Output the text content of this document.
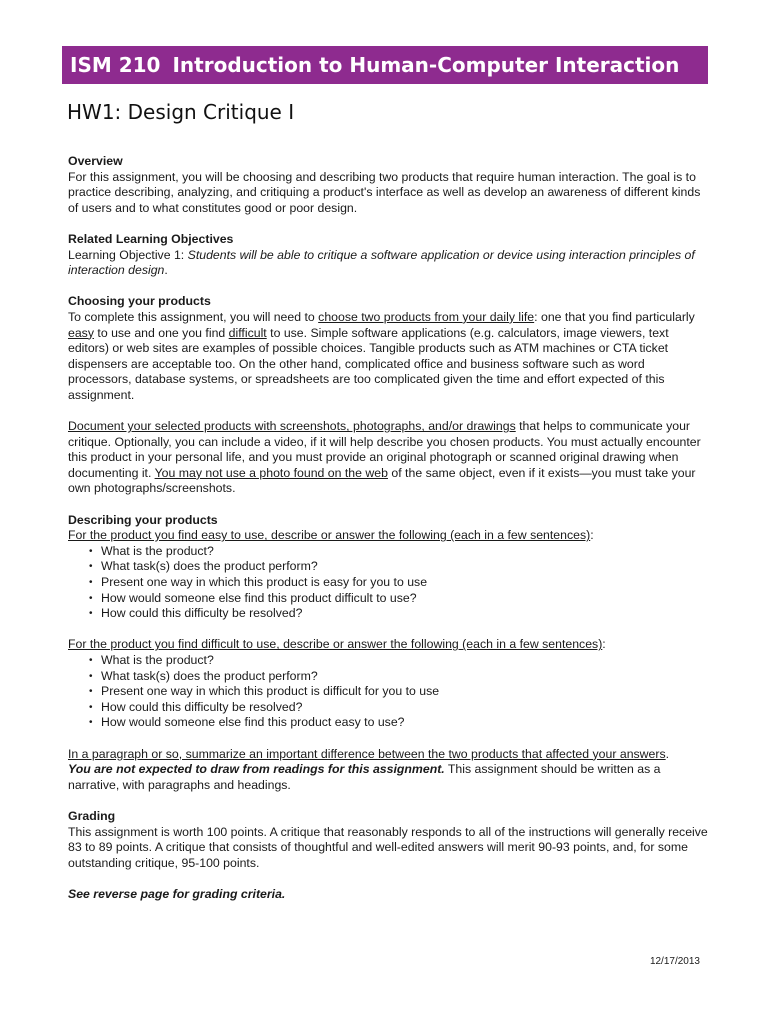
ISM 210 Introduction to Human-Computer Interaction
HW1: Design Critique I

Overview

For this assignment, you will be choosing and describing two products that require human interaction. The goal is to practice describing, analyzing, and critiquing a product's interface as well as develop an awareness of different kinds of users and to what constitutes good or poor design.

Related Learning Objectives

Learning Objective 1: Students will be able to critique a software application or device using interaction principles of interaction design.

Choosing your products

To complete this assignment, you will need to choose two products from your daily life: one that you find particularly easy to use and one you find difficult to use. Simple software applications (e.g. calculators, image viewers, text editors) or web sites are examples of possible choices. Tangible products such as ATM machines or CTA ticket dispensers are acceptable too. On the other hand, complicated office and business software such as word processors, database systems, or spreadsheets are too complicated given the time and effort expected of this assignment.

Document your selected products with screenshots, photographs, and/or drawings that helps to communicate your critique. Optionally, you can include a video, if it will help describe you chosen products. You must actually encounter this product in your personal life, and you must provide an original photograph or scanned original drawing when documenting it. You may not use a photo found on the web of the same object, even if it exists—you must take your own photographs/screenshots.

Describing your products

For the product you find easy to use, describe or answer the following (each in a few sentences):

• What is the product?
• What task(s) does the product perform?
• Present one way in which this product is easy for you to use
• How would someone else find this product difficult to use?
• How could this difficulty be resolved?

For the product you find difficult to use, describe or answer the following (each in a few sentences):

• What is the product?
• What task(s) does the product perform?
• Present one way in which this product is difficult for you to use
• How could this difficulty be resolved?
• How would someone else find this product easy to use?

In a paragraph or so, summarize an important difference between the two products that affected your answers.

You are not expected to draw from readings for this assignment. This assignment should be written as a narrative, with paragraphs and headings.

Grading

This assignment is worth 100 points. A critique that reasonably responds to all of the instructions will generally receive 83 to 89 points. A critique that consists of thoughtful and well-edited answers will merit 90-93 points, and, for some outstanding critique, 95-100 points.

See reverse page for grading criteria.

12/17/2013
